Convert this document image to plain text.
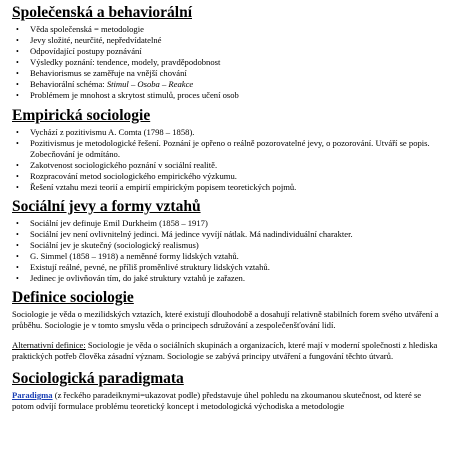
Společenská a behaviorální
• Věda společenská = metodologie
• Jevy složité, neurčité, nepředvídatelné
• Odpovídající postupy poznávání
• Výsledky poznání: tendence, modely, pravděpodobnost
• Behaviorismus se zaměřuje na vnější chování
• Behaviorální schéma: Stimul – Osoba – Reakce
• Problémem je mnohost a skrytost stimulů, proces učení osob
Empirická sociologie
• Vychází z pozitivismu A. Comta (1798 – 1858).
• Pozitivismus je metodologické řešení. Poznání je opřeno o reálně pozorovatelné jevy, o pozorování. Utváří se popis. Zobecňování je odmítáno.
• Zakotvenost sociologického poznání v sociální realitě.
• Rozpracování metod sociologického empirického výzkumu.
• Řešení vztahu mezi teorií a empirií empirickým popisem teoretických pojmů.
Sociální jevy a formy vztahů
• Sociální jev definuje Emil Durkheim (1858 – 1917)
• Sociální jev není ovlivnitelný jedinci. Má jedince vyvíjí nátlak. Má nadindividuální charakter.
• Sociální jev je skutečný (sociologický realismus)
• G. Simmel (1858 – 1918) a neměnné formy lidských vztahů.
• Existují reálné, pevné, ne příliš proměnlivé struktury lidských vztahů.
• Jedinec je ovlivňován tím, do jaké struktury vztahů je zařazen.
Definice sociologie

Sociologie je věda o mezilidských vztazích, které existují dlouhodobě a dosahují relativně stabilních forem svého utváření a průběhu. Sociologie je v tomto smyslu věda o principech sdružování a zespolečenšťování lidí.

Alternativní definice: Sociologie je věda o sociálních skupinách a organizacích, které mají v moderní společnosti z hlediska praktických potřeb člověka zásadní význam. Sociologie se zabývá principy utváření a fungování těchto útvarů.

Sociologická paradigmata

Paradigma (z řeckého paradeiknymi=ukazovat podle) představuje úhel pohledu na zkoumanou skutečnost, od které se potom odvíjí formulace problému teoretický koncept i metodologická východiska a metodologie
